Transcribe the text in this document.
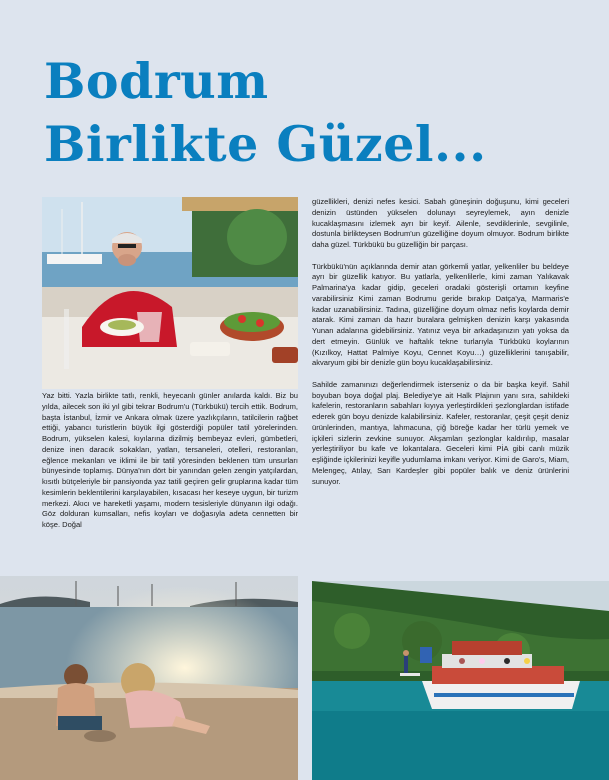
Bodrum
Birlikte Güzel...

Yaz bitti. Yazla birlikte tatlı, renkli, heyecanlı günler anılarda kaldı. Biz bu yılda, ailecek son iki yıl gibi tekrar Bodrum'u (Türkbükü) tercih ettik. Bodrum, başta İstanbul, İzmir ve Ankara olmak üzere yazlıkçıların, tatilcilerin rağbet ettiği, yabancı turistlerin büyük ilgi gösterdiği popüler tatil yörelerinden. Bodrum, yükselen kalesi, kıyılarına dizilmiş bembeyaz evleri, gümbetleri, denize inen daracık sokakları, yatları, tersaneleri, otelleri, restoranları, eğlence mekanları ve iklimi ile bir tatil yöresinden beklenen tüm unsurları bünyesinde toplamış. Dünya'nın dört bir yanından gelen zengin yatçılardan, kısıtlı bütçeleriyle bir pansiyonda yaz tatili geçiren gelir gruplarına kadar tüm kesimlerin beklentilerini karşılayabilen, kısacası her keseye uygun, bir turizm merkezi. Akıcı ve hareketli yaşamı, modern tesisleriyle dünyanın ilgi odağı. Göz dolduran kumsalları, nefis koyları ve doğasıyla adeta cennetten bir köşe. Doğal

güzellikleri, denizi nefes kesici. Sabah güneşinin doğuşunu, kimi geceleri denizin üstünden yükselen dolunayı seyreylemek, ayın denizle kucaklaşmasını izlemek ayrı bir keyif. Ailenle, sevdiklerinle, sevgilinle, dostunla birlikteysen Bodrum'un güzelliğine doyum olmuyor. Bodrum birlikte daha güzel. Türkbükü bu güzelliğin bir parçası.

Türkbükü'nün açıklarında demir atan görkemli yatlar, yelkenliler bu beldeye ayrı bir güzellik katıyor. Bu yatlarla, yelkenlilerle, kimi zaman Yalıkavak Palmarina'ya kadar gidip, geceleri oradaki gösterişli ortamın keyfine varabilirsiniz Kimi zaman Bodrumu geride bırakıp Datça'ya, Marmaris'e kadar uzanabilirsiniz. Tadına, güzelliğine doyum olmaz nefis koylarda demir atarak. Kimi zaman da hazır buralara gelmişken denizin karşı yakasında Yunan adalarına gidebilirsiniz. Yatınız veya bir arkadaşınızın yatı yoksa da dert etmeyin. Günlük ve haftalık tekne turlarıyla Türkbükü koylarının (Kızılkoy, Hattat Palmiye Koyu, Cennet Koyu…) güzelliklerini tanışabilir, akvaryum gibi bir denizle gün boyu kucaklaşabilirsiniz.

Sahilde zamanınızı değerlendirmek isterseniz o da bir başka keyif. Sahil boyuban boya doğal plaj. Belediye'ye ait Halk Plajının yanı sıra, sahildeki kafelerin, restoranların sabahları kıyıya yerleştirdikleri şezlonglardan istifade ederek gün boyu denizde kalabilirsiniz. Kafeler, restoranlar, çeşit çeşit deniz ürünlerinden, mantıya, lahmacuna, çiğ böreğe kadar her türlü yemek ve içkileri sizlerin zevkine sunuyor. Akşamları şezlonglar kaldırılıp, masalar yerleştiriliyor bu kafe ve lokantalara. Geceleri kimi PİA gibi canlı müzik eşliğinde içkilerinizi keyifle yudumlama imkanı veriyor. Kimi de Garo's, Miam, Melengeç, Atılay, Sarı Kardeşler gibi popüler balık ve deniz ürünlerini sunuyor.
